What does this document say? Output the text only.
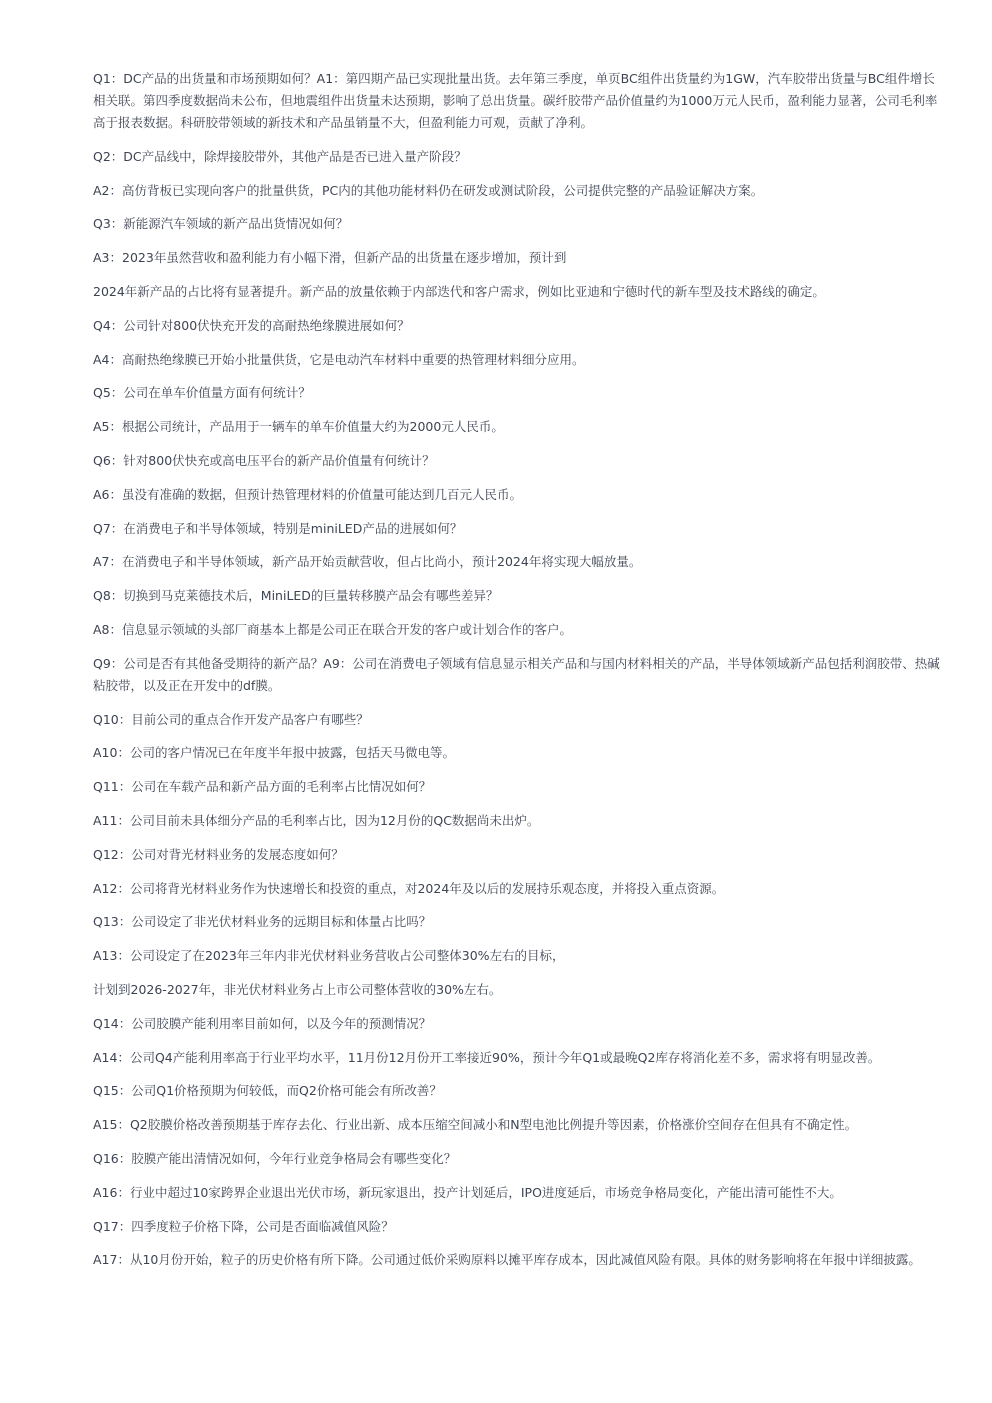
Q1：DC产品的出货量和市场预期如何？A1：第四期产品已实现批量出货。去年第三季度，单页BC组件出货量约为1GW，汽车胶带出货量与BC组件增长相关联。第四季度数据尚未公布，但地震组件出货量未达预期，影响了总出货量。碳纤胶带产品价值量约为1000万元人民币，盈利能力显著，公司毛利率高于报表数据。科研胶带领域的新技术和产品虽销量不大，但盈利能力可观，贡献了净利。

Q2：DC产品线中，除焊接胶带外，其他产品是否已进入量产阶段？

A2：高仿背板已实现向客户的批量供货，PC内的其他功能材料仍在研发或测试阶段，公司提供完整的产品验证解决方案。

Q3：新能源汽车领域的新产品出货情况如何？

A3：2023年虽然营收和盈利能力有小幅下滑，但新产品的出货量在逐步增加，预计到

2024年新产品的占比将有显著提升。新产品的放量依赖于内部迭代和客户需求，例如比亚迪和宁德时代的新车型及技术路线的确定。

Q4：公司针对800伏快充开发的高耐热绝缘膜进展如何？

A4：高耐热绝缘膜已开始小批量供货，它是电动汽车材料中重要的热管理材料细分应用。

Q5：公司在单车价值量方面有何统计？

A5：根据公司统计，产品用于一辆车的单车价值量大约为2000元人民币。

Q6：针对800伏快充或高电压平台的新产品价值量有何统计？

A6：虽没有准确的数据，但预计热管理材料的价值量可能达到几百元人民币。

Q7：在消费电子和半导体领域，特别是miniLED产品的进展如何？

A7：在消费电子和半导体领域，新产品开始贡献营收，但占比尚小，预计2024年将实现大幅放量。

Q8：切换到马克莱德技术后，MiniLED的巨量转移膜产品会有哪些差异？

A8：信息显示领域的头部厂商基本上都是公司正在联合开发的客户或计划合作的客户。

Q9：公司是否有其他备受期待的新产品？A9：公司在消费电子领域有信息显示相关产品和与国内材料相关的产品，半导体领域新产品包括利润胶带、热碱粘胶带，以及正在开发中的df膜。

Q10：目前公司的重点合作开发产品客户有哪些？

A10：公司的客户情况已在年度半年报中披露，包括天马微电等。

Q11：公司在车载产品和新产品方面的毛利率占比情况如何？

A11：公司目前未具体细分产品的毛利率占比，因为12月份的QC数据尚未出炉。

Q12：公司对背光材料业务的发展态度如何？

A12：公司将背光材料业务作为快速增长和投资的重点，对2024年及以后的发展持乐观态度，并将投入重点资源。

Q13：公司设定了非光伏材料业务的远期目标和体量占比吗？

A13：公司设定了在2023年三年内非光伏材料业务营收占公司整体30%左右的目标，

计划到2026-2027年，非光伏材料业务占上市公司整体营收的30%左右。

Q14：公司胶膜产能利用率目前如何，以及今年的预测情况？

A14：公司Q4产能利用率高于行业平均水平，11月份12月份开工率接近90%，预计今年Q1或最晚Q2库存将消化差不多，需求将有明显改善。

Q15：公司Q1价格预期为何较低，而Q2价格可能会有所改善？

A15：Q2胶膜价格改善预期基于库存去化、行业出新、成本压缩空间减小和N型电池比例提升等因素，价格涨价空间存在但具有不确定性。

Q16：胶膜产能出清情况如何，今年行业竞争格局会有哪些变化？

A16：行业中超过10家跨界企业退出光伏市场，新玩家退出，投产计划延后，IPO进度延后，市场竞争格局变化，产能出清可能性不大。

Q17：四季度粒子价格下降，公司是否面临减值风险？

A17：从10月份开始，粒子的历史价格有所下降。公司通过低价采购原料以摊平库存成本，因此减值风险有限。具体的财务影响将在年报中详细披露。
